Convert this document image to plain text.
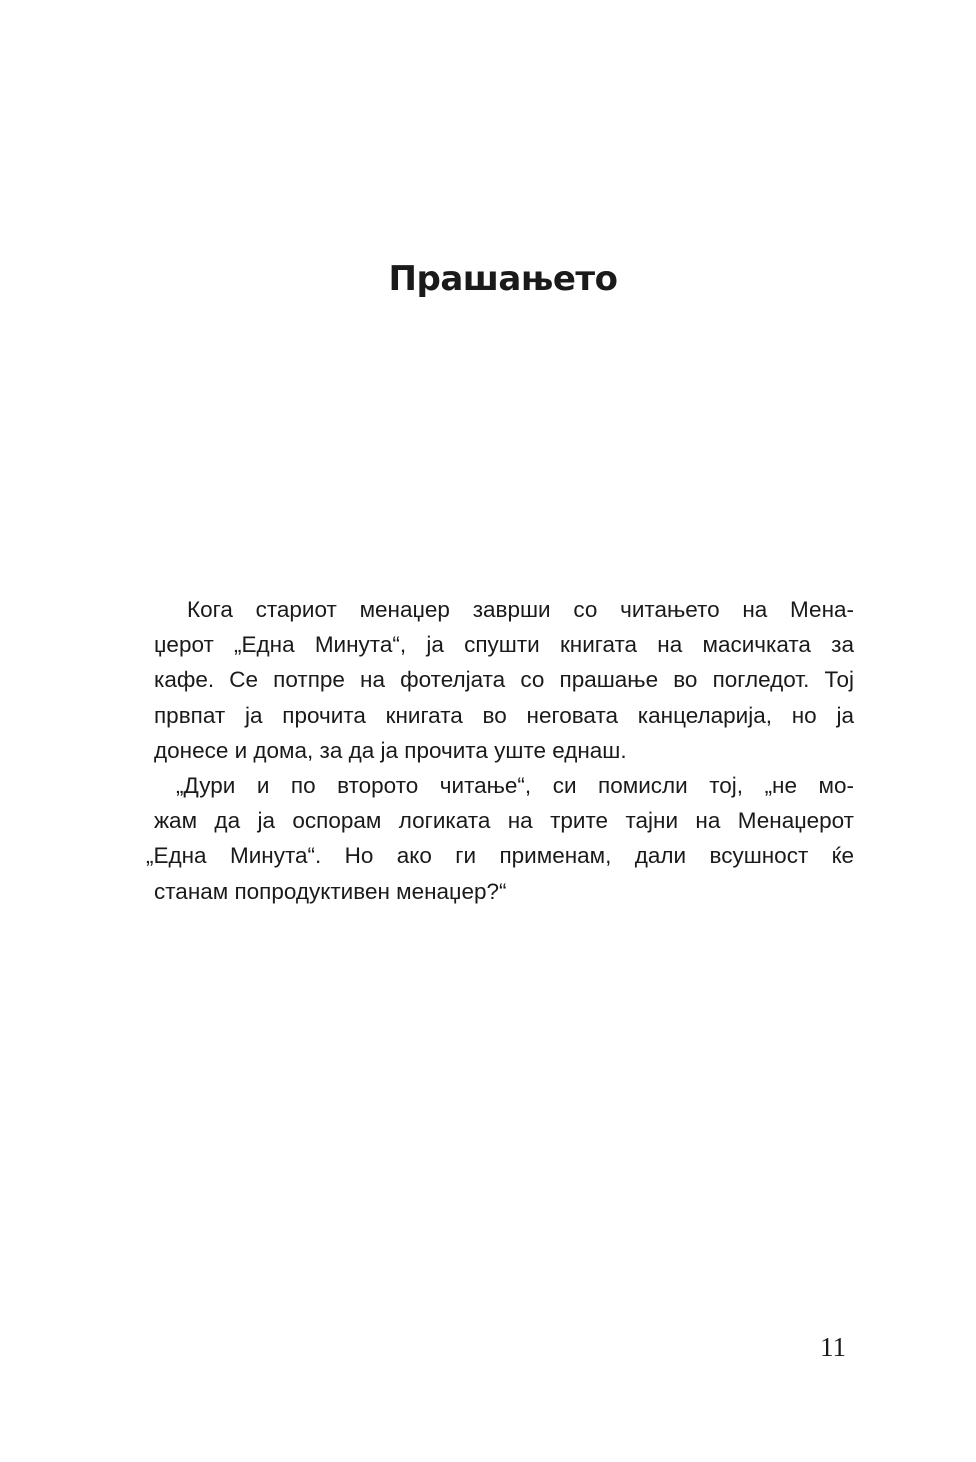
Прашањето
Кога стариот менаџер заврши со читањето на Мена-
џерот „Една Минута“, ја спушти книгата на масичката за
кафе. Се потпре на фотелјата со прашање во погледот. Тој
првпат ја прочита книгата во неговата канцеларија, но ја
донесе и дома, за да ја прочита уште еднаш.
„Дури и по второто читање“, си помисли тој, „не мо-
жам да ја оспорам логиката на трите тајни на Менаџерот
„Една Минута“. Но ако ги применам, дали всушност ќе
станам попродуктивен менаџер?“
11
